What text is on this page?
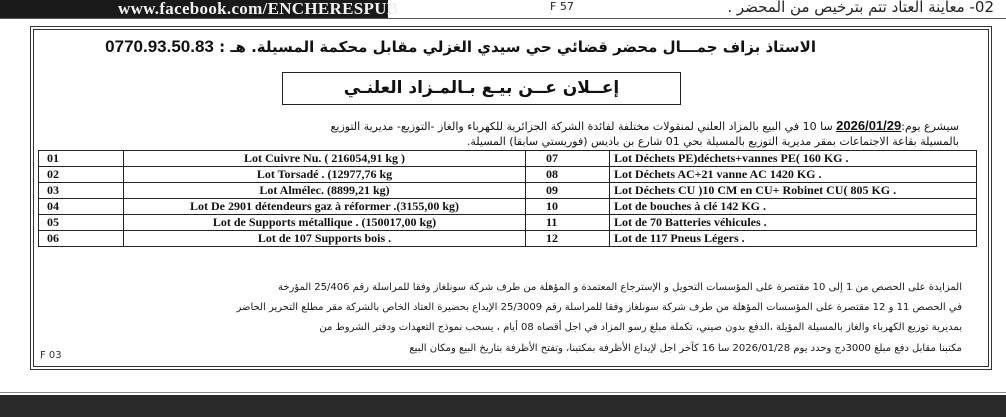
www.facebook.com/ENCHERESPUB	F 57	02- معاينة العتاد تتم بترخيص من المحضر .
الاستاذ بزاف جمـــال محضر قضائي حي سيدي الغزلي مقابل محكمة المسيلة. هـ : 0770.93.50.83
إعــلان عــن بيـع بـالمـزاد العلنـي
سيشرع يوم:2026/01/29 سا 10 في البيع بالمزاد العلني لمنقولات مختلفة لفائدة الشركة الجزائرية للكهرباء والغاز -التوزيع- مديرية التوزيع
بالمسيلة بقاعة الاجتماعات بمقر مديرية التوزيع بالمسيلة بحي 01 شارع بن باديس (فوريستي سابقا) المسيلة.
01	Lot Cuivre Nu. ( 216054,91 kg )	07	Lot Déchets PE)déchets+vannes PE( 160 KG .
02	Lot Torsadé . (12977,76 kg	08	Lot Déchets AC+21 vanne AC 1420 KG .
03	Lot Almélec. (8899,21 kg)	09	Lot Déchets CU )10 CM en CU+ Robinet CU( 805 KG .
04	Lot De 2901 détendeurs gaz à réformer .(3155,00 kg)	10	Lot de bouches à clé 142 KG .
05	Lot de Supports métallique . (150017,00 kg)	11	Lot de 70 Batteries véhicules .
06	Lot de 107 Supports bois .	12	Lot de 117 Pneus Légers .
المزايدة على الحصص من 1 إلى 10 مقتصرة على المؤسسات التحويل و الإسترجاع المعتمدة و المؤهلة من طرف شركة سونلغاز وفقا للمراسلة رقم 25/406 المؤرخة
في الحصص 11 و 12 مقتصرة على المؤسسات المؤهلة من طرف شركة سونلغاز وفقا للمراسلة رقم 25/3009 الإيداع بحضيرة العتاد الخاص بالشركة مقر مطلع التحرير الحاضر
بمديرية توزيع الكهرباء والغاز بالمسيلة المؤيلة ،الدفع بدون صيني، تكملة مبلغ رسو المزاد في اجل أقصاه 08 أيام ، يسحب نموذج التعهدات ودفتر الشروط من
مكتبنا مقابل دفع مبلغ 3000دج وحدد يوم 2026/01/28 سا 16 كآخر اجل لإيداع الأظرفة بمكتبنا، وتفتح الأظرفة بتاريخ البيع ومكان البيع
F 03
